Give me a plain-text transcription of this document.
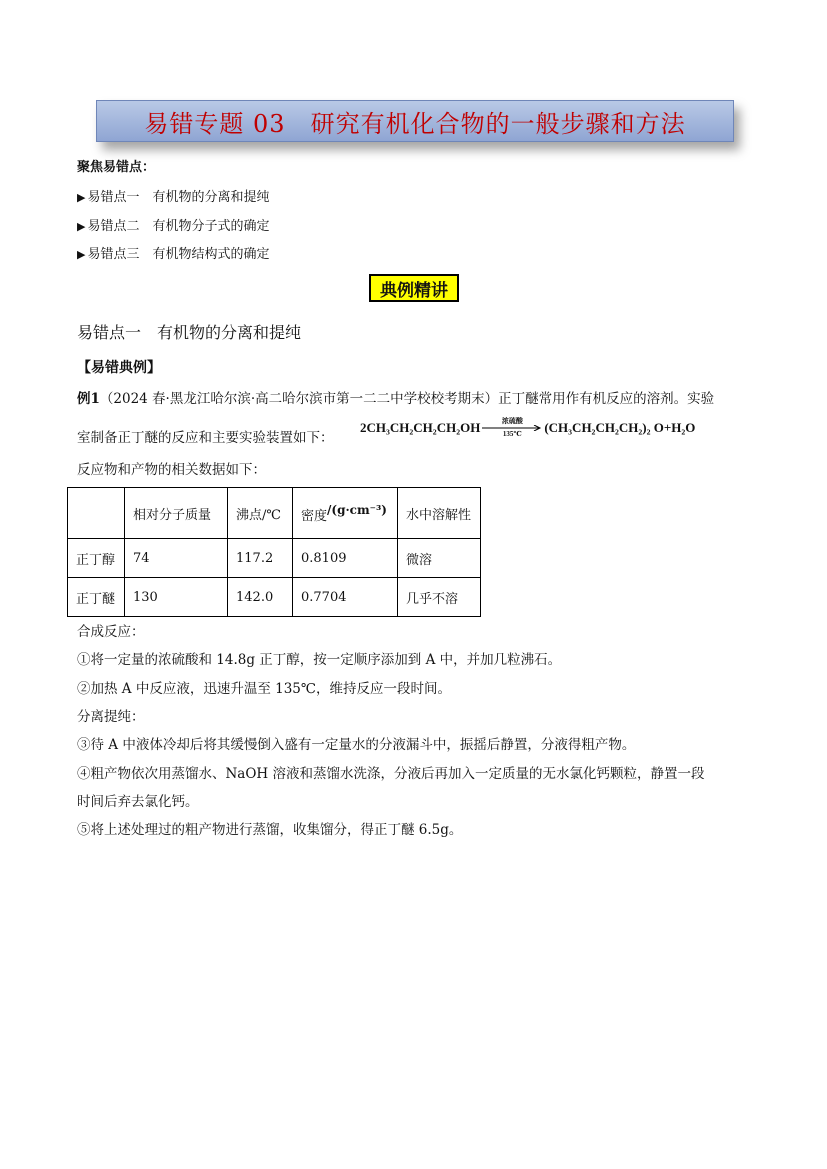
易错专题 03　研究有机化合物的一般步骤和方法
聚焦易错点：
▶ 易错点一　有机物的分离和提纯
▶ 易错点二　有机物分子式的确定
▶ 易错点三　有机物结构式的确定
典例精讲
易错点一　有机物的分离和提纯
【易错典例】
例1（2024 春·黑龙江哈尔滨·高二哈尔滨市第一二二中学校校考期末）正丁醚常用作有机反应的溶剂。实验
室制备正丁醚的反应和主要实验装置如下：
2CH₃CH₂CH₂CH₂OH	浓硫酸
135℃ (CH₃CH₂CH₂CH₂)₂ O+H₂O
反应物和产物的相关数据如下：
	相对分子质量	沸点/℃	密度/(g·cm⁻³)	水中溶解性
正丁醇	74	117.2	0.8109	微溶
正丁醚	130	142.0	0.7704	几乎不溶
合成反应：
①将一定量的浓硫酸和 14.8g 正丁醇，按一定顺序添加到 A 中，并加几粒沸石。
②加热 A 中反应液，迅速升温至 135℃，维持反应一段时间。
分离提纯：
③待 A 中液体冷却后将其缓慢倒入盛有一定量水的分液漏斗中，振摇后静置，分液得粗产物。
④粗产物依次用蒸馏水、NaOH 溶液和蒸馏水洗涤，分液后再加入一定质量的无水氯化钙颗粒，静置一段
时间后弃去氯化钙。
⑤将上述处理过的粗产物进行蒸馏，收集馏分，得正丁醚 6.5g。
